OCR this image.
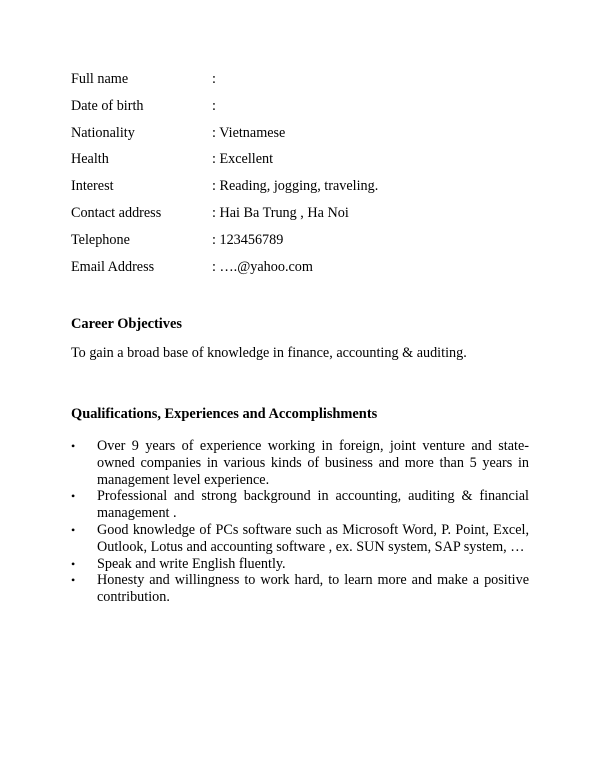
Full name	:
Date of birth	:
Nationality	: Vietnamese
Health	: Excellent
Interest	: Reading, jogging, traveling.
Contact address	: Hai Ba Trung , Ha Noi
Telephone	: 123456789
Email Address	: ….@yahoo.com
Career Objectives
To gain a broad base of knowledge in finance, accounting & auditing.
Qualifications, Experiences and Accomplishments
•	Over 9 years of experience working in foreign, joint venture and state-owned companies in various kinds of business and more than 5 years in management level experience.
•	Professional and strong background in accounting, auditing & financial management .
•	Good knowledge of PCs software such as Microsoft Word, P. Point, Excel, Outlook, Lotus and accounting software , ex. SUN system, SAP system, …
•	Speak and write English fluently.
•	Honesty and willingness to work hard, to learn more and make a positive contribution.
